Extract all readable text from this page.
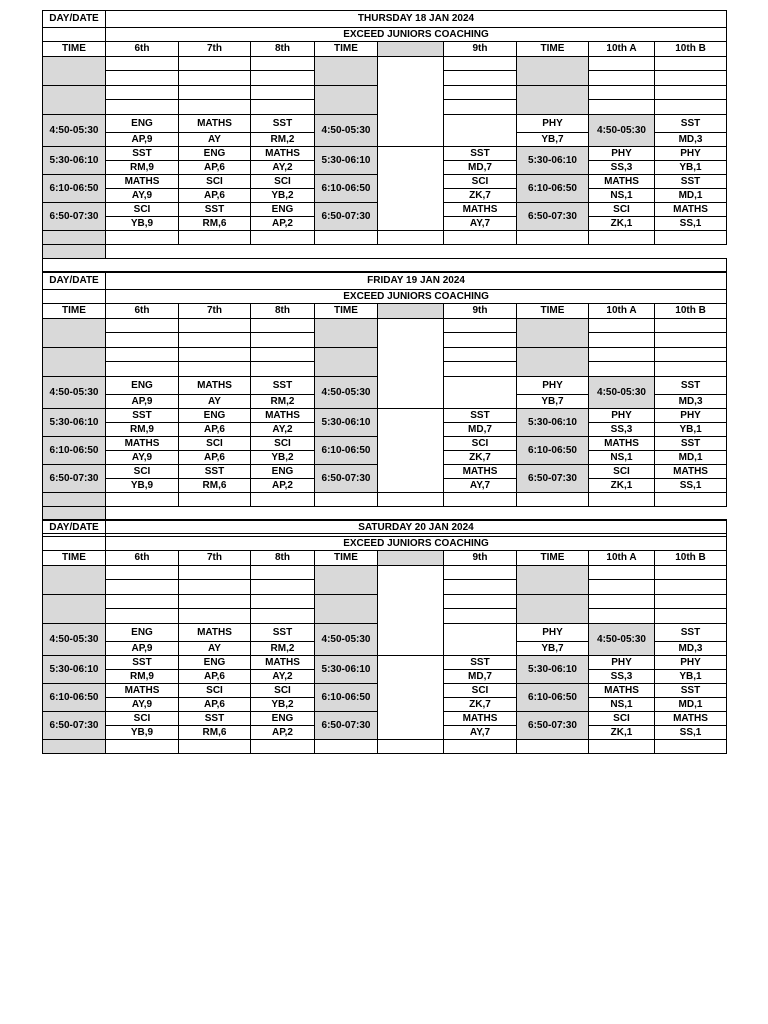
DAY/DATE	THURSDAY 18 JAN 2024									
	EXCEED JUNIORS COACHING									
TIME	6th	7th	8th	TIME		9th	TIME	10th A	10th B	

4:50-05:30	ENG	MATHS	SST	4:50-05:30			PHY	4:50-05:30	SST	
	AP,9	AY	RM,2				YB,7		MD,3	
5:30-06:10	SST	ENG	MATHS	5:30-06:10		SST	5:30-06:10	PHY	PHY	
	RM,9	AP,6	AY,2			MD,7		SS,3	YB,1	
6:10-06:50	MATHS	SCI	SCI	6:10-06:50		SCI	6:10-06:50	MATHS	SST	
	AY,9	AP,6	YB,2			ZK,7		NS,1	MD,1	
6:50-07:30	SCI	SST	ENG	6:50-07:30		MATHS	6:50-07:30	SCI	MATHS	
	YB,9	RM,6	AP,2			AY,7		ZK,1	SS,1	

DAY/DATE	FRIDAY 19 JAN 2024									
	EXCEED JUNIORS COACHING									
TIME	6th	7th	8th	TIME		9th	TIME	10th A	10th B	

4:50-05:30	ENG	MATHS	SST	4:50-05:30			PHY	4:50-05:30	SST	
	AP,9	AY	RM,2				YB,7		MD,3	
5:30-06:10	SST	ENG	MATHS	5:30-06:10		SST	5:30-06:10	PHY	PHY	
	RM,9	AP,6	AY,2			MD,7		SS,3	YB,1	
6:10-06:50	MATHS	SCI	SCI	6:10-06:50		SCI	6:10-06:50	MATHS	SST	
	AY,9	AP,6	YB,2			ZK,7		NS,1	MD,1	
6:50-07:30	SCI	SST	ENG	6:50-07:30		MATHS	6:50-07:30	SCI	MATHS	
	YB,9	RM,6	AP,2			AY,7		ZK,1	SS,1	

DAY/DATE	SATURDAY 20 JAN 2024									
	EXCEED JUNIORS COACHING									
TIME	6th	7th	8th	TIME		9th	TIME	10th A	10th B	

4:50-05:30	ENG	MATHS	SST	4:50-05:30			PHY	4:50-05:30	SST	
	AP,9	AY	RM,2				YB,7		MD,3	
5:30-06:10	SST	ENG	MATHS	5:30-06:10		SST	5:30-06:10	PHY	PHY	
	RM,9	AP,6	AY,2			MD,7		SS,3	YB,1	
6:10-06:50	MATHS	SCI	SCI	6:10-06:50		SCI	6:10-06:50	MATHS	SST	
	AY,9	AP,6	YB,2			ZK,7		NS,1	MD,1	
6:50-07:30	SCI	SST	ENG	6:50-07:30		MATHS	6:50-07:30	SCI	MATHS	
	YB,9	RM,6	AP,2			AY,7		ZK,1	SS,1	
